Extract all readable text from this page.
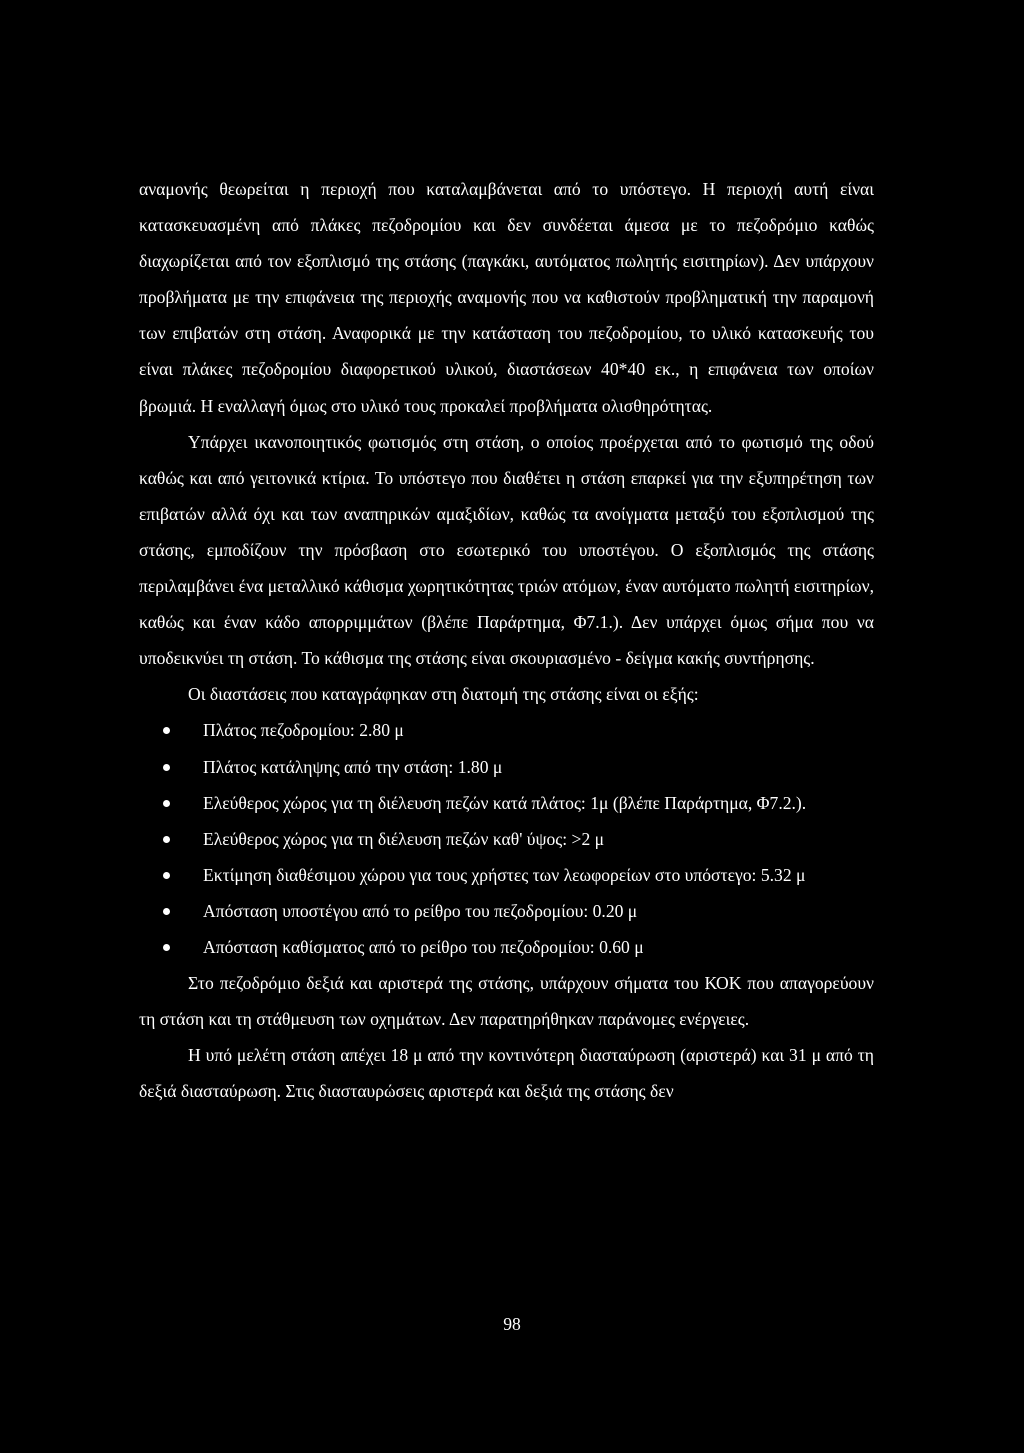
αναμονής θεωρείται η περιοχή που καταλαμβάνεται από το υπόστεγο. Η περιοχή αυτή είναι κατασκευασμένη από πλάκες πεζοδρομίου και δεν συνδέεται άμεσα με το πεζοδρόμιο καθώς διαχωρίζεται από τον εξοπλισμό της στάσης (παγκάκι, αυτόματος πωλητής εισιτηρίων). Δεν υπάρχουν προβλήματα με την επιφάνεια της περιοχής αναμονής που να καθιστούν προβληματική την παραμονή των επιβατών στη στάση. Αναφορικά με την κατάσταση του πεζοδρομίου, το υλικό κατασκευής του είναι πλάκες πεζοδρομίου διαφορετικού υλικού, διαστάσεων 40*40 εκ., η επιφάνεια των οποίων βρωμιά. Η εναλλαγή όμως στο υλικό τους προκαλεί προβλήματα ολισθηρότητας.

Υπάρχει ικανοποιητικός φωτισμός στη στάση, ο οποίος προέρχεται από το φωτισμό της οδού καθώς και από γειτονικά κτίρια. Το υπόστεγο που διαθέτει η στάση επαρκεί για την εξυπηρέτηση των επιβατών αλλά όχι και των αναπηρικών αμαξιδίων, καθώς τα ανοίγματα μεταξύ του εξοπλισμού της στάσης, εμποδίζουν την πρόσβαση στο εσωτερικό του υποστέγου. Ο εξοπλισμός της στάσης περιλαμβάνει ένα μεταλλικό κάθισμα χωρητικότητας τριών ατόμων, έναν αυτόματο πωλητή εισιτηρίων, καθώς και έναν κάδο απορριμμάτων (βλέπε Παράρτημα, Φ7.1.). Δεν υπάρχει όμως σήμα που να υποδεικνύει τη στάση. Το κάθισμα της στάσης είναι σκουριασμένο - δείγμα κακής συντήρησης.

Οι διαστάσεις που καταγράφηκαν στη διατομή της στάσης είναι οι εξής:

Πλάτος πεζοδρομίου: 2.80 μ
Πλάτος κατάληψης από την στάση: 1.80 μ
Ελεύθερος χώρος για τη διέλευση πεζών κατά πλάτος: 1μ (βλέπε Παράρτημα, Φ7.2.).
Ελεύθερος χώρος για τη διέλευση πεζών καθ' ύψος: >2 μ
Εκτίμηση διαθέσιμου χώρου για τους χρήστες των λεωφορείων στο υπόστεγο: 5.32 μ
Απόσταση υποστέγου από το ρείθρο του πεζοδρομίου: 0.20 μ
Απόσταση καθίσματος από το ρείθρο του πεζοδρομίου: 0.60 μ

Στο πεζοδρόμιο δεξιά και αριστερά της στάσης, υπάρχουν σήματα του ΚΟΚ που απαγορεύουν τη στάση και τη στάθμευση των οχημάτων. Δεν παρατηρήθηκαν παράνομες ενέργειες.

Η υπό μελέτη στάση απέχει 18 μ από την κοντινότερη διασταύρωση (αριστερά) και 31 μ από τη δεξιά διασταύρωση. Στις διασταυρώσεις αριστερά και δεξιά της στάσης δεν

98
